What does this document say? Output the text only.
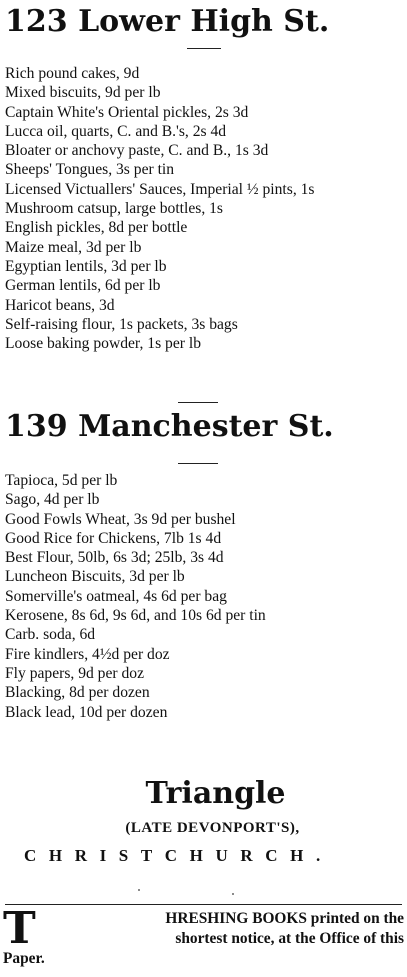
123 Lower High St.
Rich pound cakes, 9d
Mixed biscuits, 9d per lb
Captain White's Oriental pickles, 2s 3d
Lucca oil, quarts, C. and B.'s, 2s 4d
Bloater or anchovy paste, C. and B., 1s 3d
Sheeps' Tongues, 3s per tin
Licensed Victuallers' Sauces, Imperial ½ pints, 1s
Mushroom catsup, large bottles, 1s
English pickles, 8d per bottle
Maize meal, 3d per lb
Egyptian lentils, 3d per lb
German lentils, 6d per lb
Haricot beans, 3d
Self-raising flour, 1s packets, 3s bags
Loose baking powder, 1s per lb
139 Manchester St.
Tapioca, 5d per lb
Sago, 4d per lb
Good Fowls Wheat, 3s 9d per bushel
Good Rice for Chickens, 7lb 1s 4d
Best Flour, 50lb, 6s 3d; 25lb, 3s 4d
Luncheon Biscuits, 3d per lb
Somerville's oatmeal, 4s 6d per bag
Kerosene, 8s 6d, 9s 6d, and 10s 6d per tin
Carb. soda, 6d
Fire kindlers, 4½d per doz
Fly papers, 9d per doz
Blacking, 8d per dozen
Black lead, 10d per dozen
Triangle
(LATE DEVONPORT'S),
CHRISTCHURCH.
T	HRESHING BOOKS printed on the
shortest notice, at the Office of this
Paper.
